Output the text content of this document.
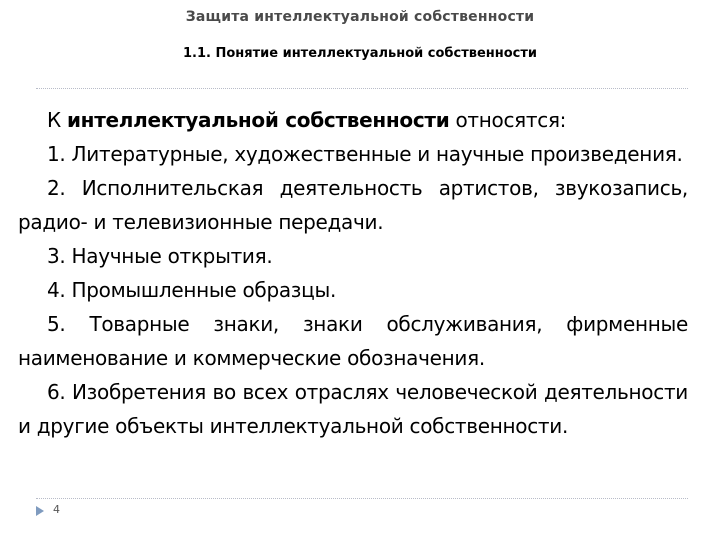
Защита интеллектуальной собственности
1.1. Понятие интеллектуальной собственности

К интеллектуальной собственности относятся:

1. Литературные, художественные и научные произведения.

2. Исполнительская деятельность артистов, звукозапись, радио- и телевизионные передачи.

3. Научные открытия.

4. Промышленные образцы.

5. Товарные знаки, знаки обслуживания, фирменные наименование и коммерческие обозначения.

6. Изобретения во всех отраслях человеческой деятельности и другие объекты интеллектуальной собственности.

4
